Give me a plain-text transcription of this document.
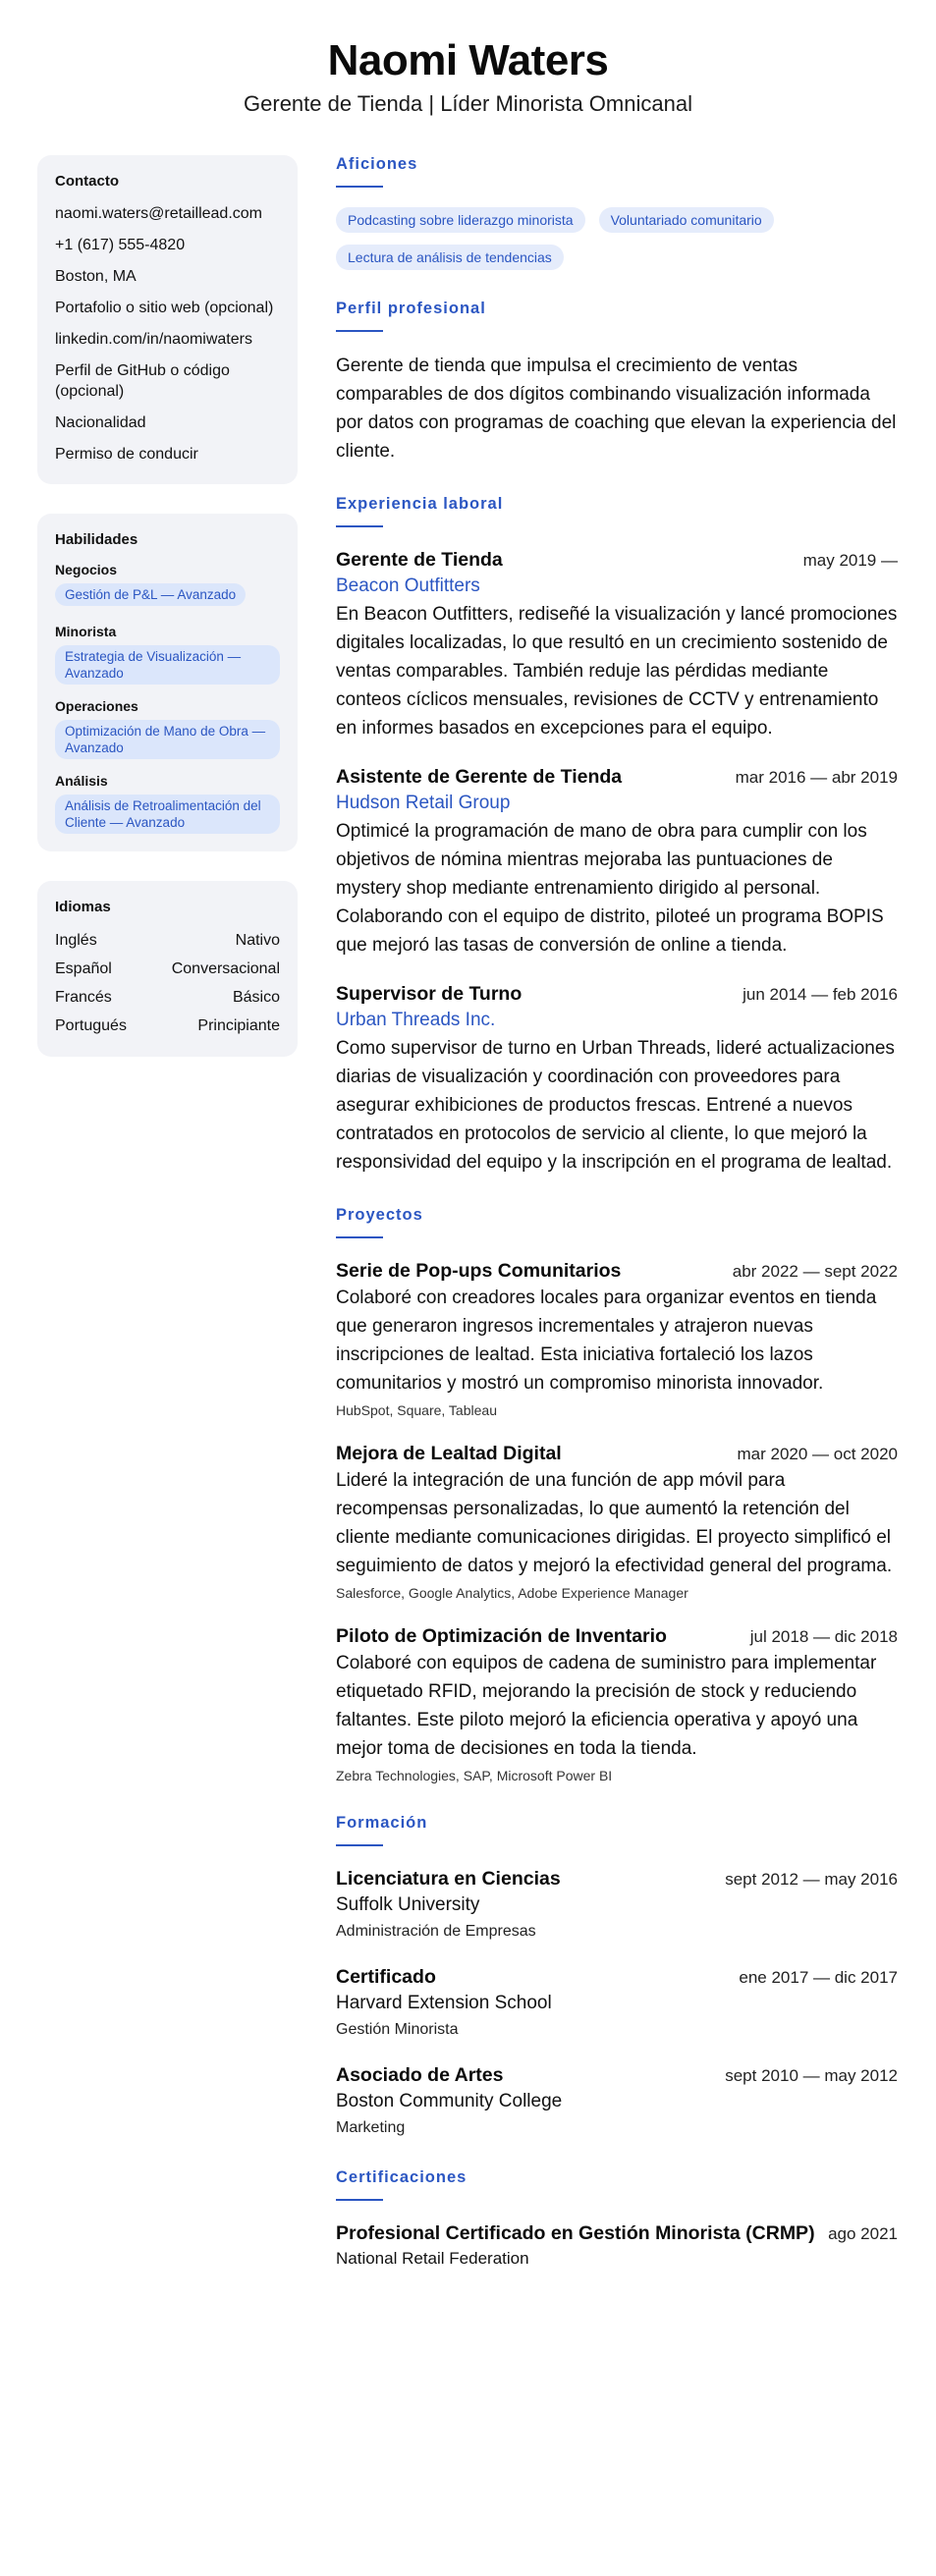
Naomi Waters
Gerente de Tienda | Líder Minorista Omnicanal
Contacto
naomi.waters@retaillead.com
+1 (617) 555-4820
Boston, MA
Portafolio o sitio web (opcional)
linkedin.com/in/naomiwaters
Perfil de GitHub o código (opcional)
Nacionalidad
Permiso de conducir
Habilidades
Negocios
Gestión de P&L — Avanzado
Minorista
Estrategia de Visualización — Avanzado
Operaciones
Optimización de Mano de Obra — Avanzado
Análisis
Análisis de Retroalimentación del Cliente — Avanzado
Idiomas
Inglés	Nativo
Español	Conversacional
Francés	Básico
Portugués	Principiante
Aficiones
Podcasting sobre liderazgo minorista	Voluntariado comunitario
Lectura de análisis de tendencias
Perfil profesional
Gerente de tienda que impulsa el crecimiento de ventas comparables de dos dígitos combinando visualización informada por datos con programas de coaching que elevan la experiencia del cliente.
Experiencia laboral
Gerente de Tienda	may 2019 —
Beacon Outfitters
En Beacon Outfitters, rediseñé la visualización y lancé promociones digitales localizadas, lo que resultó en un crecimiento sostenido de ventas comparables. También reduje las pérdidas mediante conteos cíclicos mensuales, revisiones de CCTV y entrenamiento en informes basados en excepciones para el equipo.
Asistente de Gerente de Tienda	mar 2016 — abr 2019
Hudson Retail Group
Optimicé la programación de mano de obra para cumplir con los objetivos de nómina mientras mejoraba las puntuaciones de mystery shop mediante entrenamiento dirigido al personal. Colaborando con el equipo de distrito, piloteé un programa BOPIS que mejoró las tasas de conversión de online a tienda.
Supervisor de Turno	jun 2014 — feb 2016
Urban Threads Inc.
Como supervisor de turno en Urban Threads, lideré actualizaciones diarias de visualización y coordinación con proveedores para asegurar exhibiciones de productos frescas. Entrené a nuevos contratados en protocolos de servicio al cliente, lo que mejoró la responsividad del equipo y la inscripción en el programa de lealtad.
Proyectos
Serie de Pop-ups Comunitarios	abr 2022 — sept 2022
Colaboré con creadores locales para organizar eventos en tienda que generaron ingresos incrementales y atrajeron nuevas inscripciones de lealtad. Esta iniciativa fortaleció los lazos comunitarios y mostró un compromiso minorista innovador.
HubSpot, Square, Tableau
Mejora de Lealtad Digital	mar 2020 — oct 2020
Lideré la integración de una función de app móvil para recompensas personalizadas, lo que aumentó la retención del cliente mediante comunicaciones dirigidas. El proyecto simplificó el seguimiento de datos y mejoró la efectividad general del programa.
Salesforce, Google Analytics, Adobe Experience Manager
Piloto de Optimización de Inventario	jul 2018 — dic 2018
Colaboré con equipos de cadena de suministro para implementar etiquetado RFID, mejorando la precisión de stock y reduciendo faltantes. Este piloto mejoró la eficiencia operativa y apoyó una mejor toma de decisiones en toda la tienda.
Zebra Technologies, SAP, Microsoft Power BI
Formación
Licenciatura en Ciencias	sept 2012 — may 2016
Suffolk University
Administración de Empresas
Certificado	ene 2017 — dic 2017
Harvard Extension School
Gestión Minorista
Asociado de Artes	sept 2010 — may 2012
Boston Community College
Marketing
Certificaciones
Profesional Certificado en Gestión Minorista (CRMP) ago 2021
National Retail Federation
